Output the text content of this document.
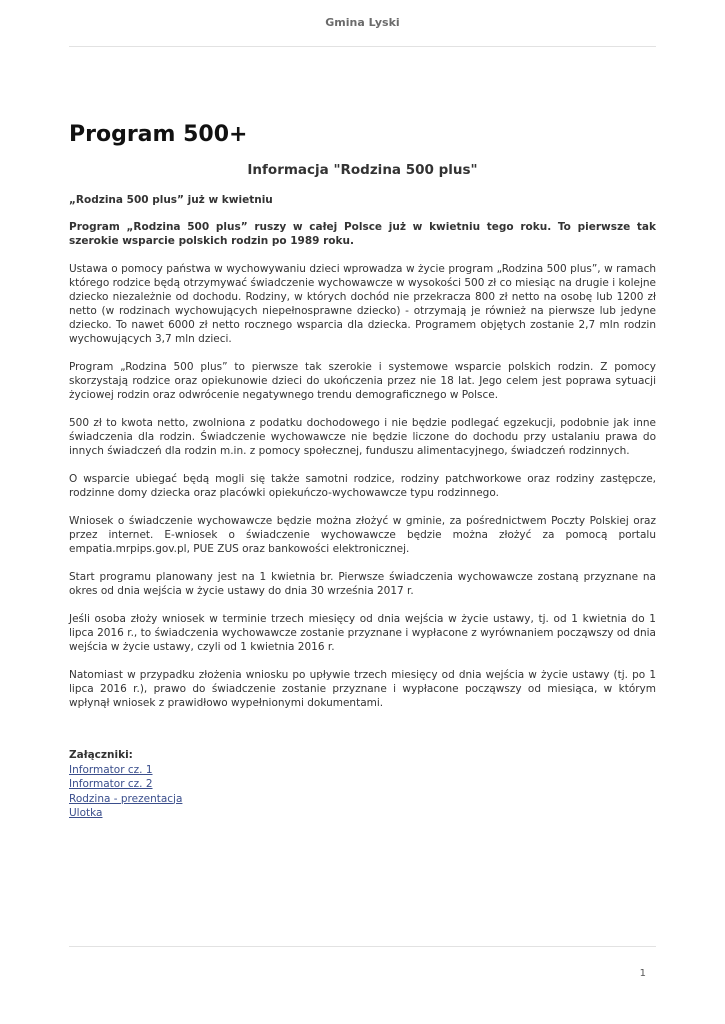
Gmina Lyski
Program 500+
Informacja "Rodzina 500 plus"

„Rodzina 500 plus” już w kwietniu

Program „Rodzina 500 plus” ruszy w całej Polsce już w kwietniu tego roku. To pierwsze tak szerokie wsparcie polskich rodzin po 1989 roku.

Ustawa o pomocy państwa w wychowywaniu dzieci wprowadza w życie program „Rodzina 500 plus”, w ramach którego rodzice będą otrzymywać świadczenie wychowawcze w wysokości 500 zł co miesiąc na drugie i kolejne dziecko niezależnie od dochodu. Rodziny, w których dochód nie przekracza 800 zł netto na osobę lub 1200 zł netto (w rodzinach wychowujących niepełnosprawne dziecko) - otrzymają je również na pierwsze lub jedyne dziecko. To nawet 6000 zł netto rocznego wsparcia dla dziecka. Programem objętych zostanie 2,7 mln rodzin wychowujących 3,7 mln dzieci.

Program „Rodzina 500 plus” to pierwsze tak szerokie i systemowe wsparcie polskich rodzin. Z pomocy skorzystają rodzice oraz opiekunowie dzieci do ukończenia przez nie 18 lat. Jego celem jest poprawa sytuacji życiowej rodzin oraz odwrócenie negatywnego trendu demograficznego w Polsce.

500 zł to kwota netto, zwolniona z podatku dochodowego i nie będzie podlegać egzekucji, podobnie jak inne świadczenia dla rodzin. Świadczenie wychowawcze nie będzie liczone do dochodu przy ustalaniu prawa do innych świadczeń dla rodzin m.in. z pomocy społecznej, funduszu alimentacyjnego, świadczeń rodzinnych.

O wsparcie ubiegać będą mogli się także samotni rodzice, rodziny patchworkowe oraz rodziny zastępcze, rodzinne domy dziecka oraz placówki opiekuńczo-wychowawcze typu rodzinnego.

Wniosek o świadczenie wychowawcze będzie można złożyć w gminie, za pośrednictwem Poczty Polskiej oraz przez internet. E-wniosek o świadczenie wychowawcze będzie można złożyć za pomocą portalu empatia.mrpips.gov.pl, PUE ZUS oraz bankowości elektronicznej.

Start programu planowany jest na 1 kwietnia br. Pierwsze świadczenia wychowawcze zostaną przyznane na okres od dnia wejścia w życie ustawy do dnia 30 września 2017 r.

Jeśli osoba złoży wniosek w terminie trzech miesięcy od dnia wejścia w życie ustawy, tj. od 1 kwietnia do 1 lipca 2016 r., to świadczenia wychowawcze zostanie przyznane i wypłacone z wyrównaniem począwszy od dnia wejścia w życie ustawy, czyli od 1 kwietnia 2016 r.

Natomiast w przypadku złożenia wniosku po upływie trzech miesięcy od dnia wejścia w życie ustawy (tj. po 1 lipca 2016 r.), prawo do świadczenie zostanie przyznane i wypłacone począwszy od miesiąca, w którym wpłynął wniosek z prawidłowo wypełnionymi dokumentami.

Załączniki:
Informator cz. 1
Informator cz. 2
Rodzina - prezentacja
Ulotka
1
